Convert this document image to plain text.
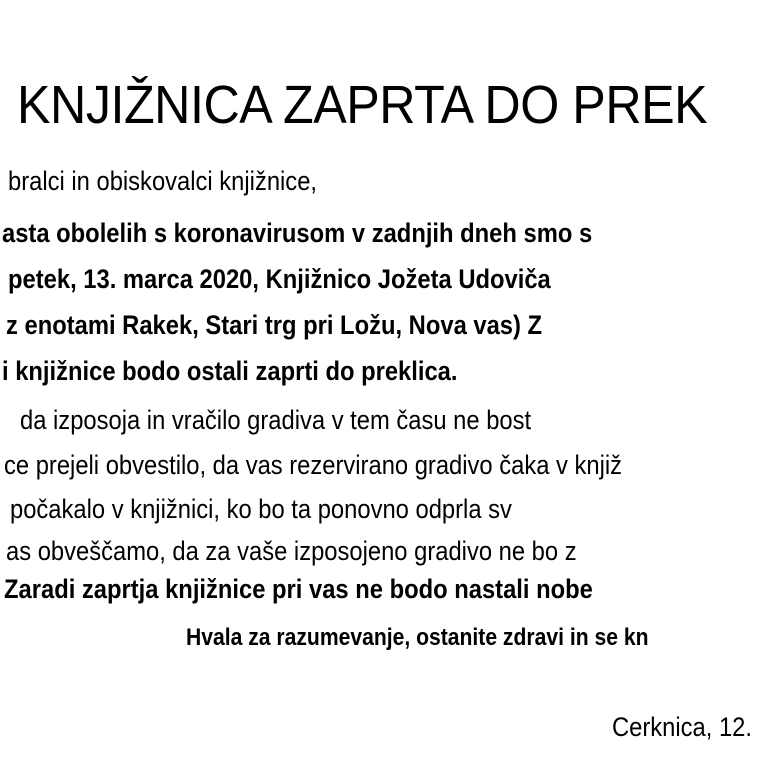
KNJIŽNICA ZAPRTA DO PREK
bralci in obiskovalci knjižnice,
asta obolelih s koronavirusom v zadnjih dneh smo s
petek, 13. marca 2020, Knjižnico Jožeta Udoviča
z enotami Rakek, Stari trg pri Ložu, Nova vas) Z
i knjižnice bodo ostali zaprti do preklica.
da izposoja in vračilo gradiva v tem času ne bost
ce prejeli obvestilo, da vas rezervirano gradivo čaka v knjiž
počakalo v knjižnici, ko bo ta ponovno odprla sv
as obveščamo, da za vaše izposojeno gradivo ne bo z
Zaradi zaprtja knjižnice pri vas ne bodo nastali nobe
Hvala za razumevanje, ostanite zdravi in se kn
Cerknica, 12.
